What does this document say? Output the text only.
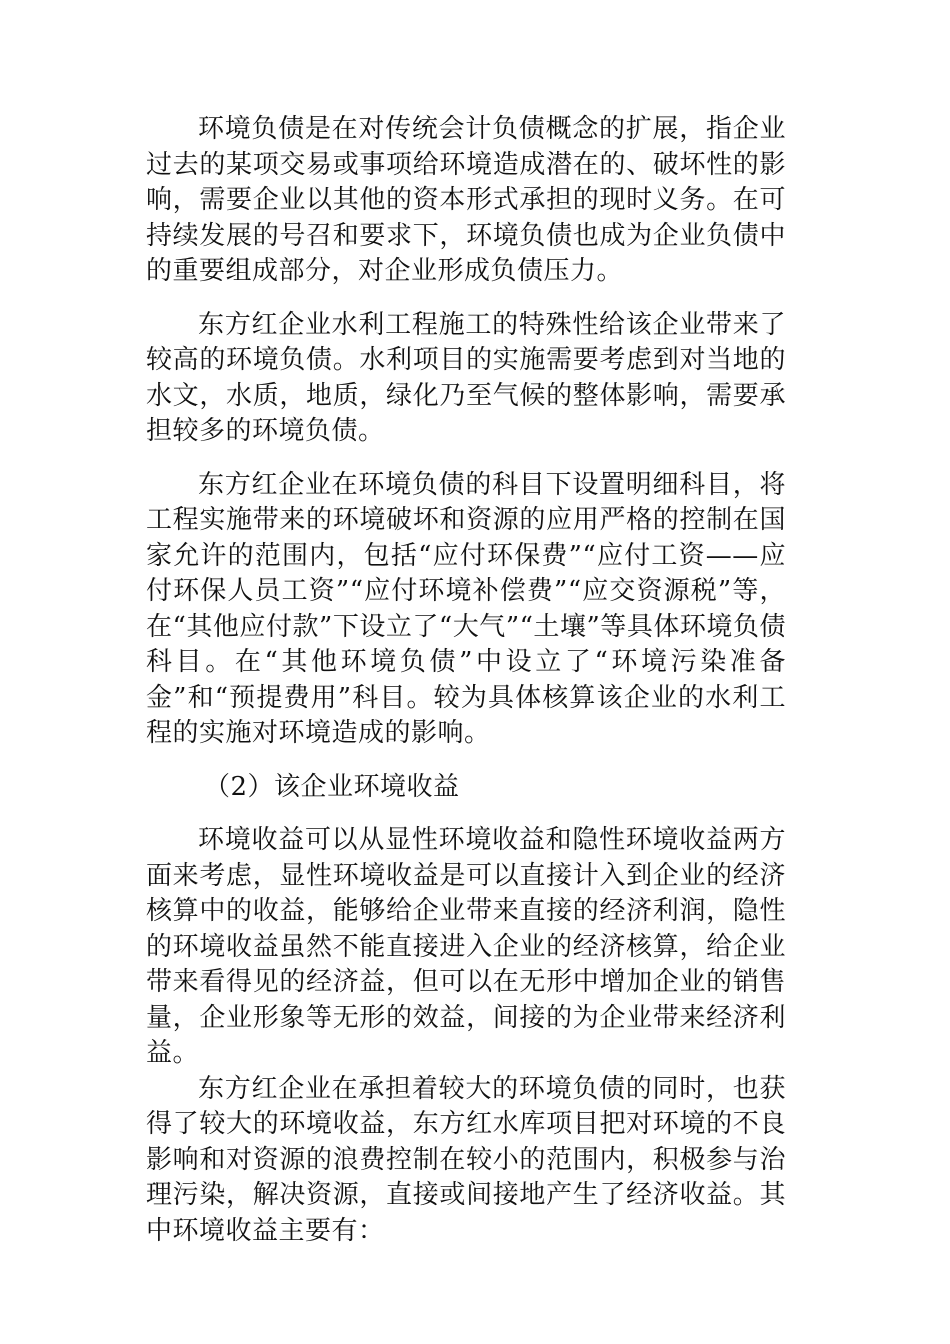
环境负债是在对传统会计负债概念的扩展，指企业过去的某项交易或事项给环境造成潜在的、破坏性的影响，需要企业以其他的资本形式承担的现时义务。在可持续发展的号召和要求下，环境负债也成为企业负债中的重要组成部分，对企业形成负债压力。

东方红企业水利工程施工的特殊性给该企业带来了较高的环境负债。水利项目的实施需要考虑到对当地的水文，水质，地质，绿化乃至气候的整体影响，需要承担较多的环境负债。

东方红企业在环境负债的科目下设置明细科目，将工程实施带来的环境破坏和资源的应用严格的控制在国家允许的范围内，包括“应付环保费”“应付工资——应付环保人员工资”“应付环境补偿费”“应交资源税”等，在“其他应付款”下设立了“大气”“土壤”等具体环境负债科目。在“其他环境负债”中设立了“环境污染准备金”和“预提费用”科目。较为具体核算该企业的水利工程的实施对环境造成的影响。

（2）该企业环境收益

环境收益可以从显性环境收益和隐性环境收益两方面来考虑，显性环境收益是可以直接计入到企业的经济核算中的收益，能够给企业带来直接的经济利润，隐性的环境收益虽然不能直接进入企业的经济核算，给企业带来看得见的经济益，但可以在无形中增加企业的销售量，企业形象等无形的效益，间接的为企业带来经济利益。

东方红企业在承担着较大的环境负债的同时，也获得了较大的环境收益，东方红水库项目把对环境的不良影响和对资源的浪费控制在较小的范围内，积极参与治理污染，解决资源，直接或间接地产生了经济收益。其中环境收益主要有：
